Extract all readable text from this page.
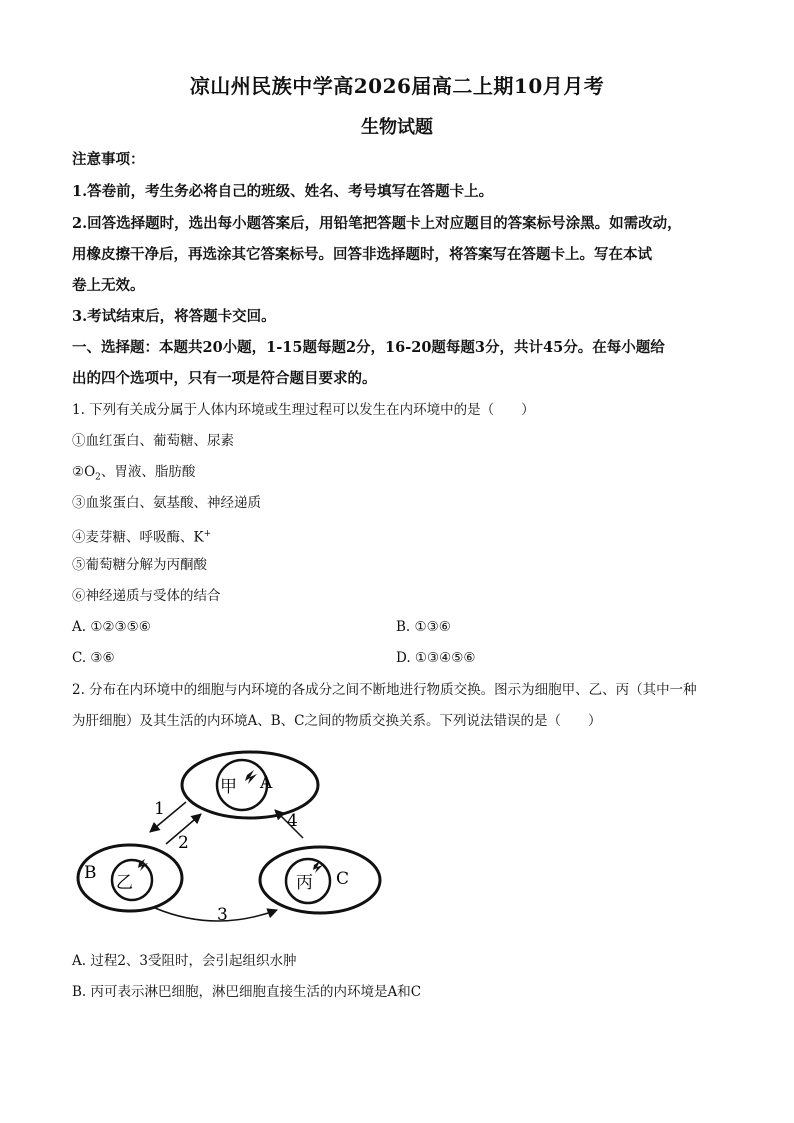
凉山州民族中学高2026届高二上期10月月考
生物试题
注意事项：
1.答卷前，考生务必将自己的班级、姓名、考号填写在答题卡上。
2.回答选择题时，选出每小题答案后，用铅笔把答题卡上对应题目的答案标号涂黑。如需改动，
用橡皮擦干净后，再选涂其它答案标号。回答非选择题时，将答案写在答题卡上。写在本试
卷上无效。
3.考试结束后，将答题卡交回。
一、选择题：本题共20小题，1-15题每题2分，16-20题每题3分，共计45分。在每小题给
出的四个选项中，只有一项是符合题目要求的。
1. 下列有关成分属于人体内环境或生理过程可以发生在内环境中的是（　　）
①血红蛋白、葡萄糖、尿素
$②O_2$、胃液、脂肪酸
③血浆蛋白、氨基酸、神经递质
④麦芽糖、呼吸酶、K+
⑤葡萄糖分解为丙酮酸
⑥神经递质与受体的结合
A. ①②③⑤⑥	B. ①③⑥
C. ③⑥	D. ①③④⑤⑥
2. 分布在内环境中的细胞与内环境的各成分之间不断地进行物质交换。图示为细胞甲、乙、丙（其中一种
为肝细胞）及其生活的内环境A、B、C之间的物质交换关系。下列说法错误的是（　　）
甲 A
乙
B	丙 C
1
2
4
3
A. 过程2、3受阻时，会引起组织水肿
B. 丙可表示淋巴细胞，淋巴细胞直接生活的内环境是A和C
